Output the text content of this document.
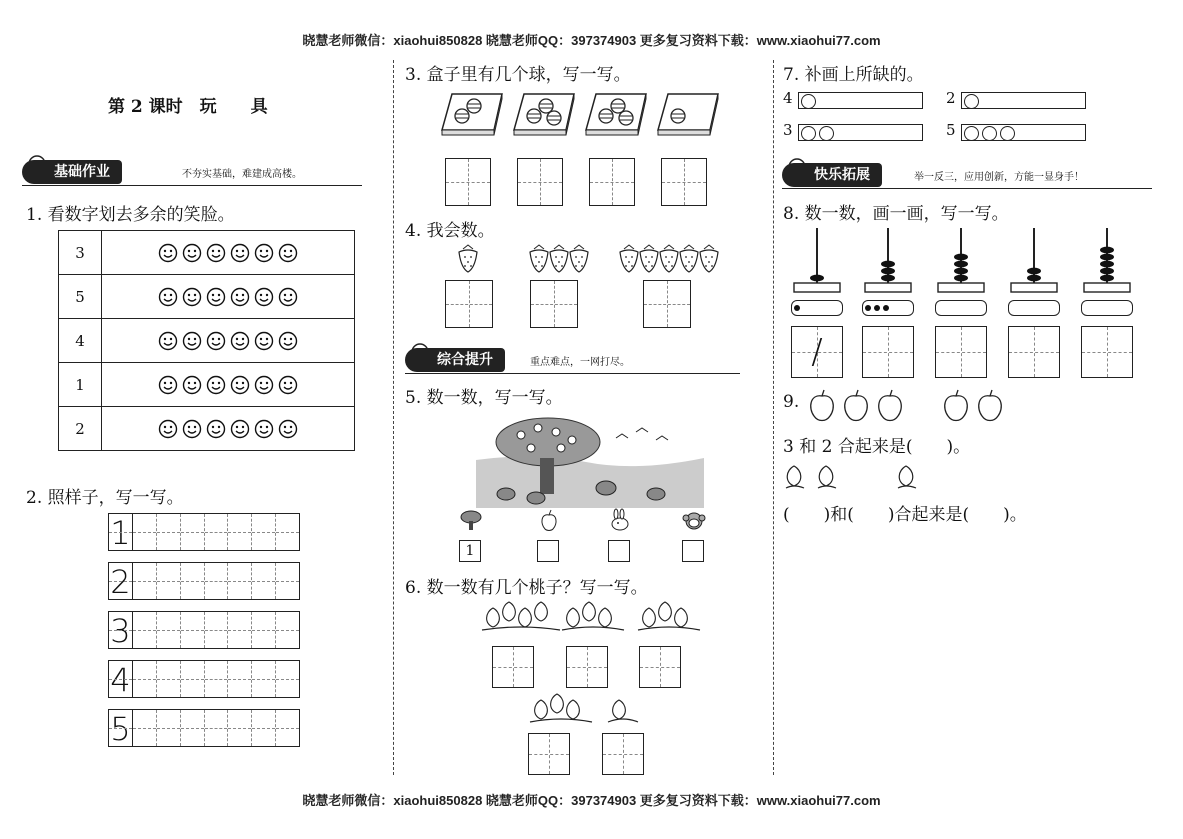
晓慧老师微信：xiaohui850828 晓慧老师QQ：397374903 更多复习资料下载：www.xiaohui77.com
晓慧老师微信：xiaohui850828 晓慧老师QQ：397374903 更多复习资料下载：www.xiaohui77.com
第 2 课时　玩　　具
基础作业	不夯实基础，难建成高楼。
1. 看数字划去多余的笑脸。
3	
5	
4	
1	
2	
2. 照样子，写一写。
1
2
3
4
5
3. 盒子里有几个球，写一写。
4. 我会数。
综合提升	重点难点，一网打尽。
5. 数一数，写一写。
1
6. 数一数有几个桃子？写一写。
7. 补画上所缺的。
4	2
3	5
快乐拓展	举一反三，应用创新，方能一显身手！
8. 数一数，画一画，写一写。
/
9.
3 和 2 合起来是(　　)。
(　　)和(　　)合起来是(　　)。
